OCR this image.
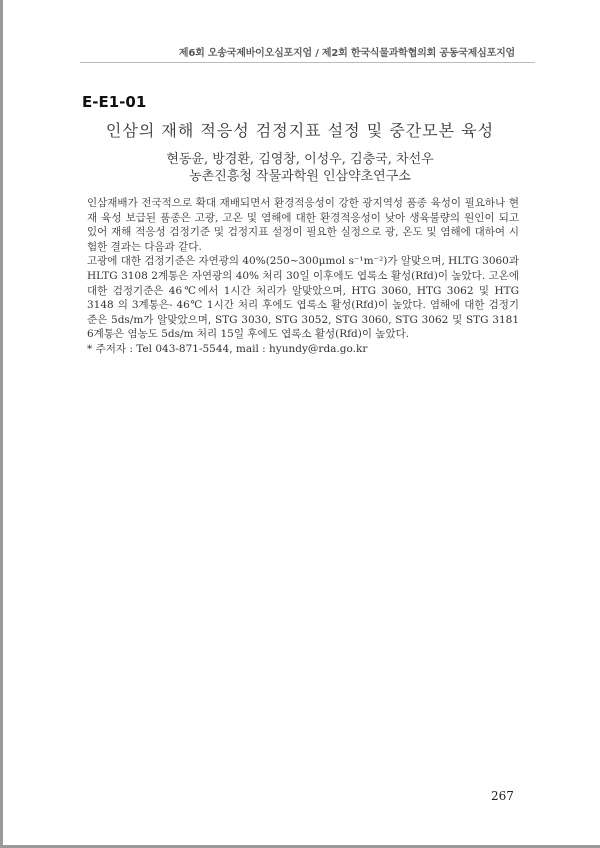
제6회 오송국제바이오심포지엄 / 제2회 한국식물과학협의회 공동국제심포지엄
E-E1-01
인삼의 재해 적응성 검정지표 설정 및 중간모본 육성
현동윤, 방경환, 김영창, 이성우, 김충국, 차선우
농촌진흥청 작물과학원 인삼약초연구소

인삼재배가 전국적으로 확대 재배되면서 환경적응성이 강한 광지역성 품종 육성이 필요하나 현재 육성 보급된 품종은 고광, 고온 및 염해에 대한 환경적응성이 낮아 생육불량의 원인이 되고 있어 재해 적응성 검정기준 및 검정지표 설정이 필요한 실정으로 광, 온도 및 염해에 대하여 시험한 결과는 다음과 같다.

고광에 대한 검정기준은 자연광의 40%(250~300μmol s⁻¹m⁻²)가 알맞으며, HLTG 3060과 HLTG 3108 2계통은 자연광의 40% 처리 30일 이후에도 엽록소 활성(Rfd)이 높았다. 고온에 대한 검정기준은 46℃에서 1시간 처리가 알맞았으며, HTG 3060, HTG 3062 및 HTG 3148 의 3계통은- 46℃ 1시간 처리 후에도 엽록소 활성(Rfd)이 높았다. 염해에 대한 검정기준은 5ds/m가 알맞았으며, STG 3030, STG 3052, STG 3060, STG 3062 및 STG 3181 6계통은 염농도 5ds/m 처리 15일 후에도 엽록소 활성(Rfd)이 높았다.

* 주저자 : Tel 043-871-5544, mail : hyundy@rda.go.kr

267
